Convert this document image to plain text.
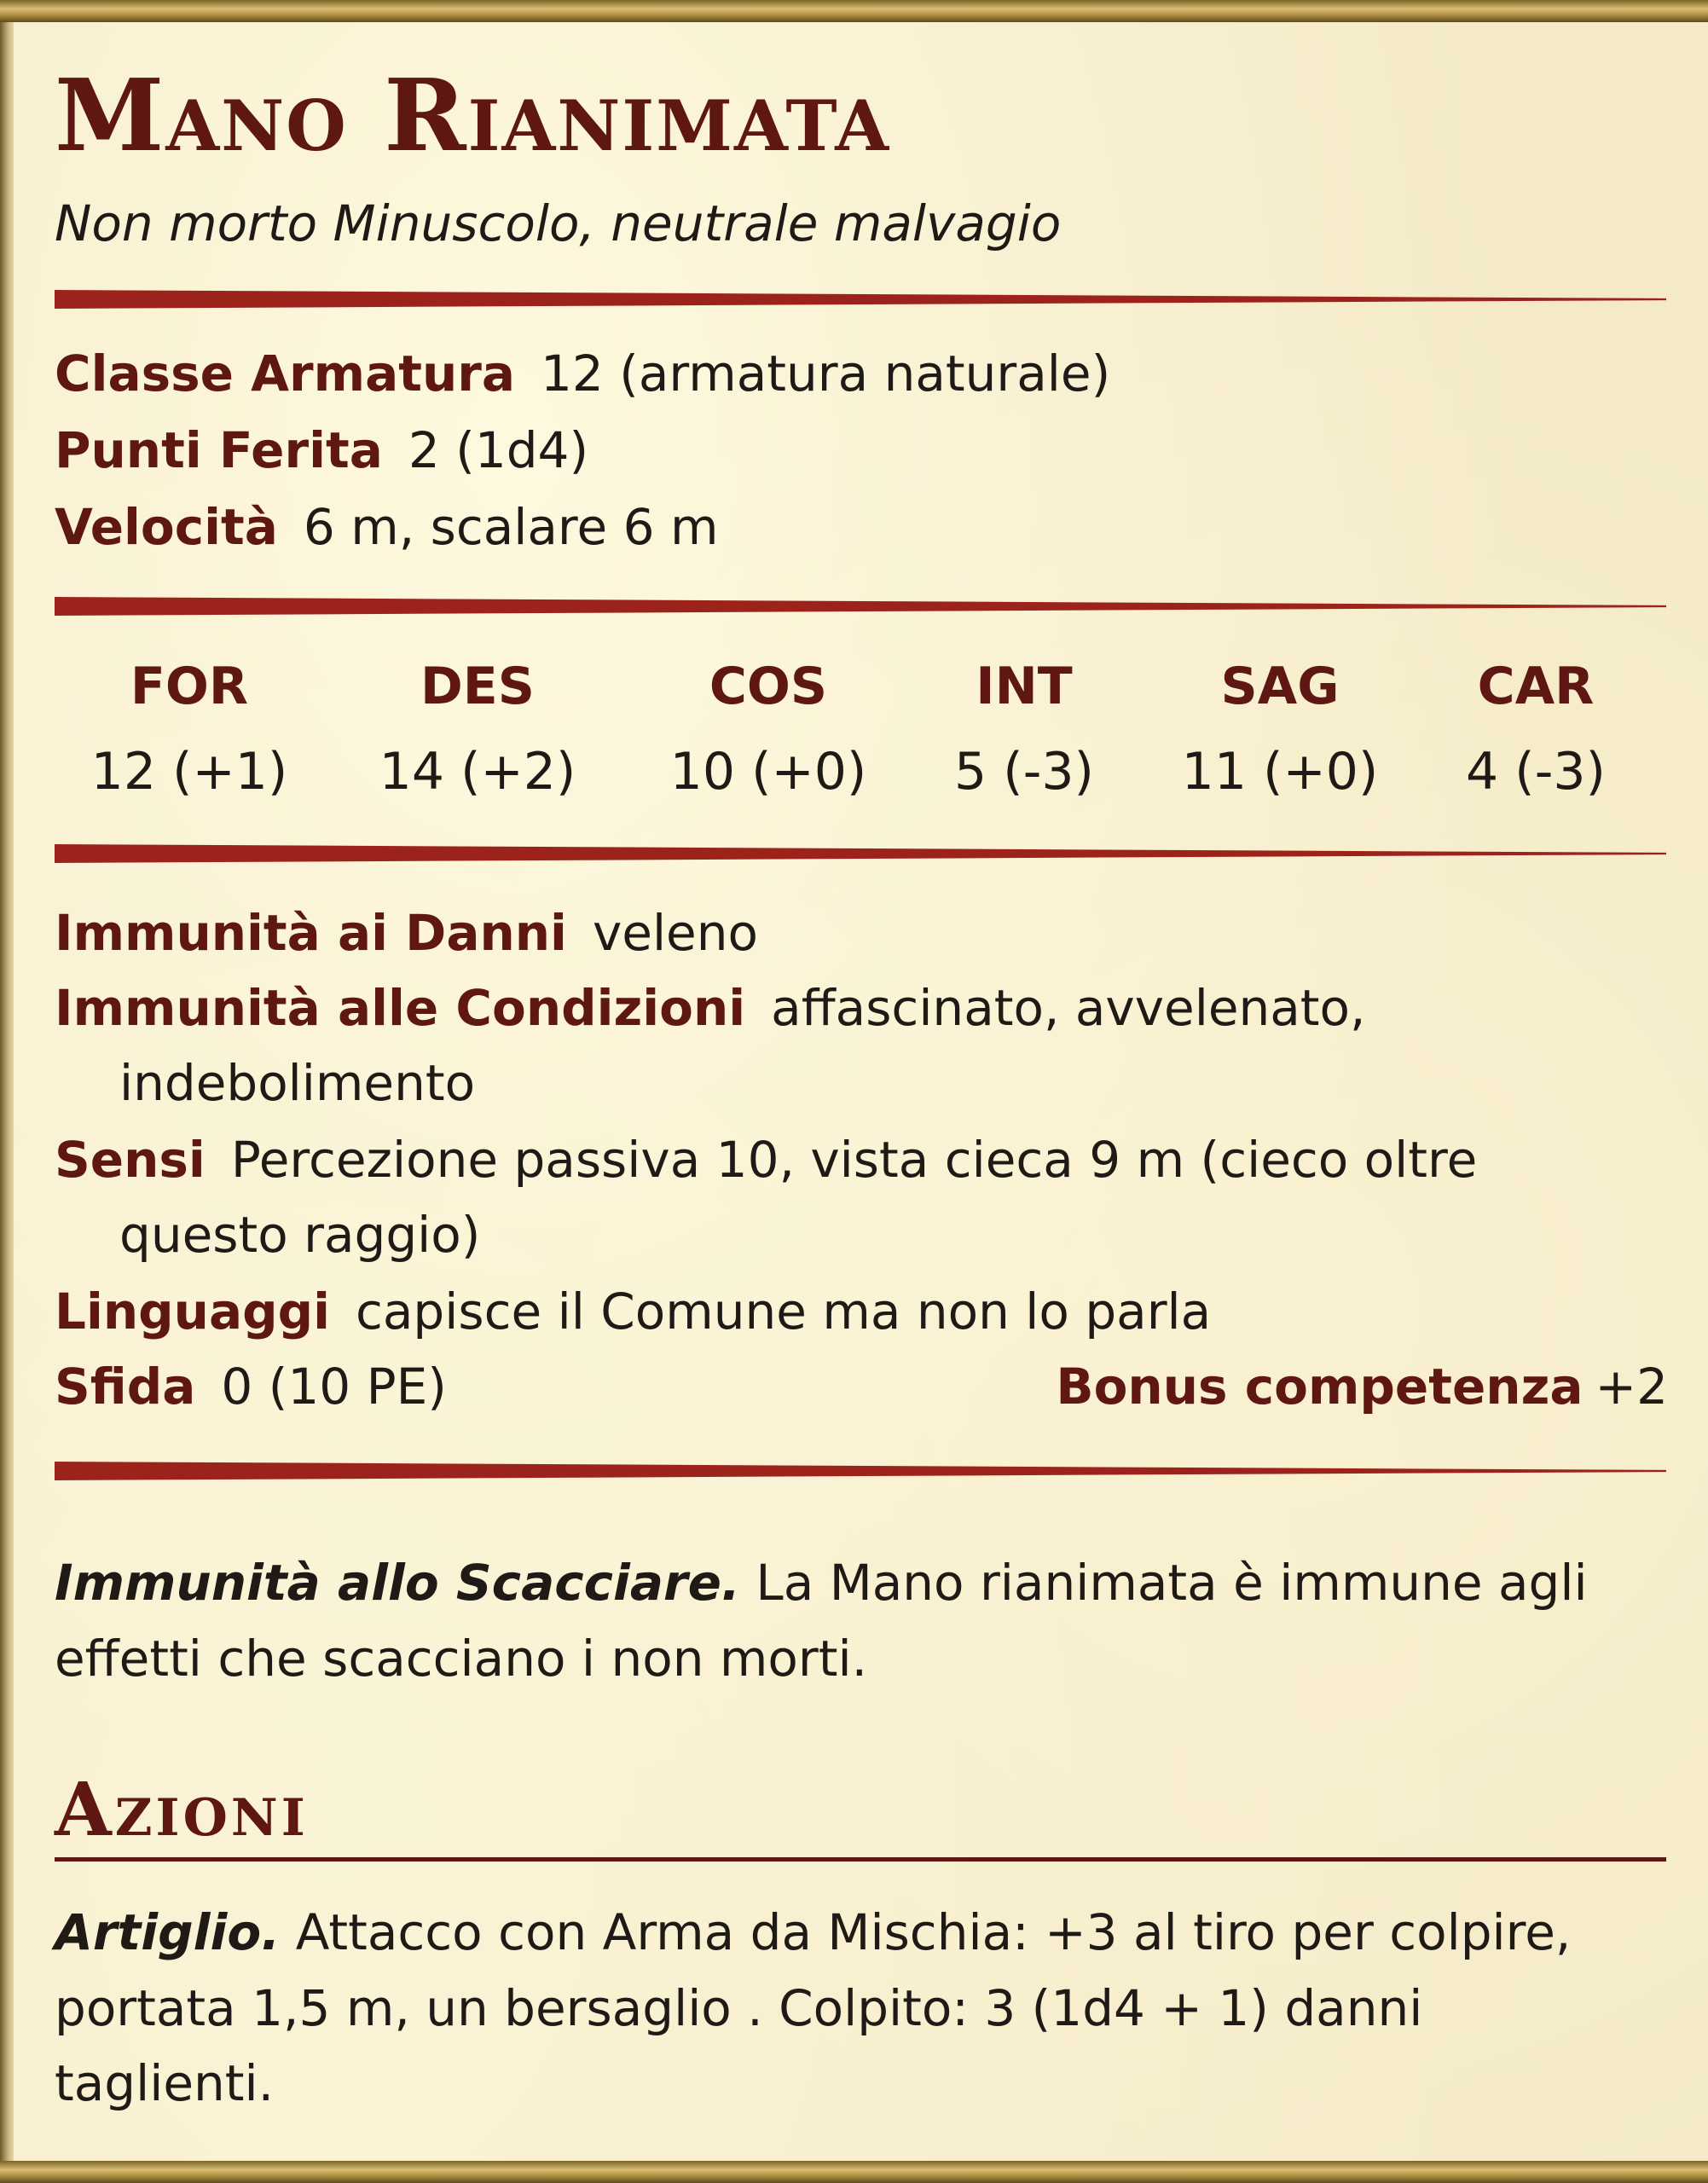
Mano Rianimata
Non morto Minuscolo, neutrale malvagio
Classe Armatura 12 (armatura naturale)
Punti Ferita 2 (1d4)
Velocità 6 m, scalare 6 m
FOR
12 (+1)
DES
14 (+2)
COS
10 (+0)
INT
5 (-3)
SAG
11 (+0)
CAR
4 (-3)
Immunità ai Danni veleno
Immunità alle Condizioni affascinato, avvelenato,
indebolimento
Sensi Percezione passiva 10, vista cieca 9 m (cieco oltre
questo raggio)
Linguaggi capisce il Comune ma non lo parla
Sfida 0 (10 PE)	Bonus competenza +2
Immunità allo Scacciare. La Mano rianimata è immune agli
effetti che scacciano i non morti.
Azioni
Artiglio. Attacco con Arma da Mischia: +3 al tiro per colpire,
portata 1,5 m, un bersaglio . Colpito: 3 (1d4 + 1) danni
taglienti.
